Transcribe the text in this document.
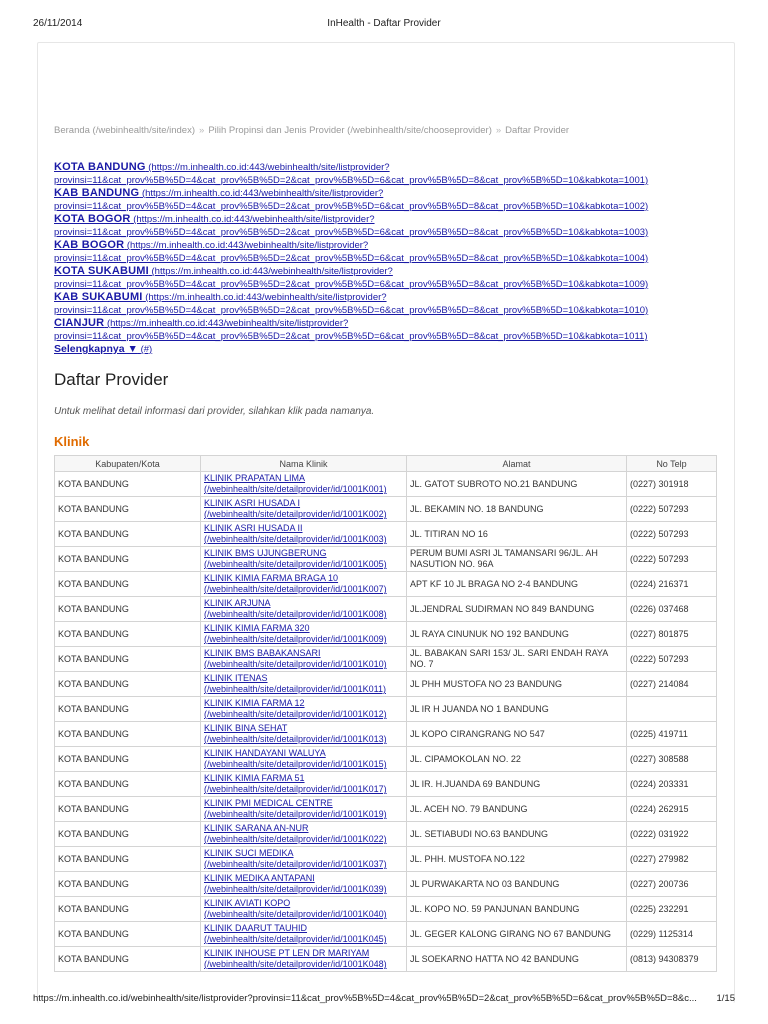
26/11/2014	InHealth - Daftar Provider
Beranda (/webinhealth/site/index) » Pilih Propinsi dan Jenis Provider (/webinhealth/site/chooseprovider) » Daftar Provider
KOTA BANDUNG (https://m.inhealth.co.id:443/webinhealth/site/listprovider?
provinsi=11&cat_prov%5B%5D=4&cat_prov%5B%5D=2&cat_prov%5B%5D=6&cat_prov%5B%5D=8&cat_prov%5B%5D=10&kabkota=1001)
KAB BANDUNG (https://m.inhealth.co.id:443/webinhealth/site/listprovider?
provinsi=11&cat_prov%5B%5D=4&cat_prov%5B%5D=2&cat_prov%5B%5D=6&cat_prov%5B%5D=8&cat_prov%5B%5D=10&kabkota=1002)
KOTA BOGOR (https://m.inhealth.co.id:443/webinhealth/site/listprovider?
provinsi=11&cat_prov%5B%5D=4&cat_prov%5B%5D=2&cat_prov%5B%5D=6&cat_prov%5B%5D=8&cat_prov%5B%5D=10&kabkota=1003)
KAB BOGOR (https://m.inhealth.co.id:443/webinhealth/site/listprovider?
provinsi=11&cat_prov%5B%5D=4&cat_prov%5B%5D=2&cat_prov%5B%5D=6&cat_prov%5B%5D=8&cat_prov%5B%5D=10&kabkota=1004)
KOTA SUKABUMI (https://m.inhealth.co.id:443/webinhealth/site/listprovider?
provinsi=11&cat_prov%5B%5D=4&cat_prov%5B%5D=2&cat_prov%5B%5D=6&cat_prov%5B%5D=8&cat_prov%5B%5D=10&kabkota=1009)
KAB SUKABUMI (https://m.inhealth.co.id:443/webinhealth/site/listprovider?
provinsi=11&cat_prov%5B%5D=4&cat_prov%5B%5D=2&cat_prov%5B%5D=6&cat_prov%5B%5D=8&cat_prov%5B%5D=10&kabkota=1010)
CIANJUR (https://m.inhealth.co.id:443/webinhealth/site/listprovider?
provinsi=11&cat_prov%5B%5D=4&cat_prov%5B%5D=2&cat_prov%5B%5D=6&cat_prov%5B%5D=8&cat_prov%5B%5D=10&kabkota=1011)
Selengkapnya ▼ (#)
Daftar Provider
Untuk melihat detail informasi dari provider, silahkan klik pada namanya.
Klinik
Kabupaten/Kota	Nama Klinik	Alamat	No Telp
KOTA BANDUNG	KLINIK PRAPATAN LIMA
(/webinhealth/site/detailprovider/id/1001K001)	JL. GATOT SUBROTO NO.21 BANDUNG	(0227) 301918
KOTA BANDUNG	KLINIK ASRI HUSADA I
(/webinhealth/site/detailprovider/id/1001K002)	JL. BEKAMIN NO. 18 BANDUNG	(0222) 507293
KOTA BANDUNG	KLINIK ASRI HUSADA II
(/webinhealth/site/detailprovider/id/1001K003)	JL. TITIRAN NO 16	(0222) 507293
KOTA BANDUNG	KLINIK BMS UJUNGBERUNG
(/webinhealth/site/detailprovider/id/1001K005)	PERUM BUMI ASRI JL TAMANSARI 96/JL. AH NASUTION NO. 96A	(0222) 507293
KOTA BANDUNG	KLINIK KIMIA FARMA BRAGA 10
(/webinhealth/site/detailprovider/id/1001K007)	APT KF 10 JL BRAGA NO 2-4 BANDUNG	(0224) 216371
KOTA BANDUNG	KLINIK ARJUNA
(/webinhealth/site/detailprovider/id/1001K008)	JL.JENDRAL SUDIRMAN NO 849 BANDUNG	(0226) 037468
KOTA BANDUNG	KLINIK KIMIA FARMA 320
(/webinhealth/site/detailprovider/id/1001K009)	JL RAYA CINUNUK NO 192 BANDUNG	(0227) 801875
KOTA BANDUNG	KLINIK BMS BABAKANSARI
(/webinhealth/site/detailprovider/id/1001K010)	JL. BABAKAN SARI 153/ JL. SARI ENDAH RAYA NO. 7	(0222) 507293
KOTA BANDUNG	KLINIK ITENAS
(/webinhealth/site/detailprovider/id/1001K011)	JL PHH MUSTOFA NO 23 BANDUNG	(0227) 214084
KOTA BANDUNG	KLINIK KIMIA FARMA 12
(/webinhealth/site/detailprovider/id/1001K012)	JL IR H JUANDA NO 1 BANDUNG	
KOTA BANDUNG	KLINIK BINA SEHAT
(/webinhealth/site/detailprovider/id/1001K013)	JL KOPO CIRANGRANG NO 547	(0225) 419711
KOTA BANDUNG	KLINIK HANDAYANI WALUYA
(/webinhealth/site/detailprovider/id/1001K015)	JL. CIPAMOKOLAN NO. 22	(0227) 308588
KOTA BANDUNG	KLINIK KIMIA FARMA 51
(/webinhealth/site/detailprovider/id/1001K017)	JL IR. H.JUANDA 69 BANDUNG	(0224) 203331
KOTA BANDUNG	KLINIK PMI MEDICAL CENTRE
(/webinhealth/site/detailprovider/id/1001K019)	JL. ACEH NO. 79 BANDUNG	(0224) 262915
KOTA BANDUNG	KLINIK SARANA AN-NUR
(/webinhealth/site/detailprovider/id/1001K022)	JL. SETIABUDI NO.63 BANDUNG	(0222) 031922
KOTA BANDUNG	KLINIK SUCI MEDIKA
(/webinhealth/site/detailprovider/id/1001K037)	JL. PHH. MUSTOFA NO.122	(0227) 279982
KOTA BANDUNG	KLINIK MEDIKA ANTAPANI
(/webinhealth/site/detailprovider/id/1001K039)	JL PURWAKARTA NO 03 BANDUNG	(0227) 200736
KOTA BANDUNG	KLINIK AVIATI KOPO
(/webinhealth/site/detailprovider/id/1001K040)	JL. KOPO NO. 59 PANJUNAN BANDUNG	(0225) 232291
KOTA BANDUNG	KLINIK DAARUT TAUHID
(/webinhealth/site/detailprovider/id/1001K045)	JL. GEGER KALONG GIRANG NO 67 BANDUNG	(0229) 1125314
KOTA BANDUNG	KLINIK INHOUSE PT LEN DR MARIYAM
(/webinhealth/site/detailprovider/id/1001K048)	JL SOEKARNO HATTA NO 42 BANDUNG	(0813) 94308379
https://m.inhealth.co.id/webinhealth/site/listprovider?provinsi=11&cat_prov%5B%5D=4&cat_prov%5B%5D=2&cat_prov%5B%5D=6&cat_prov%5B%5D=8&c... 1/15
